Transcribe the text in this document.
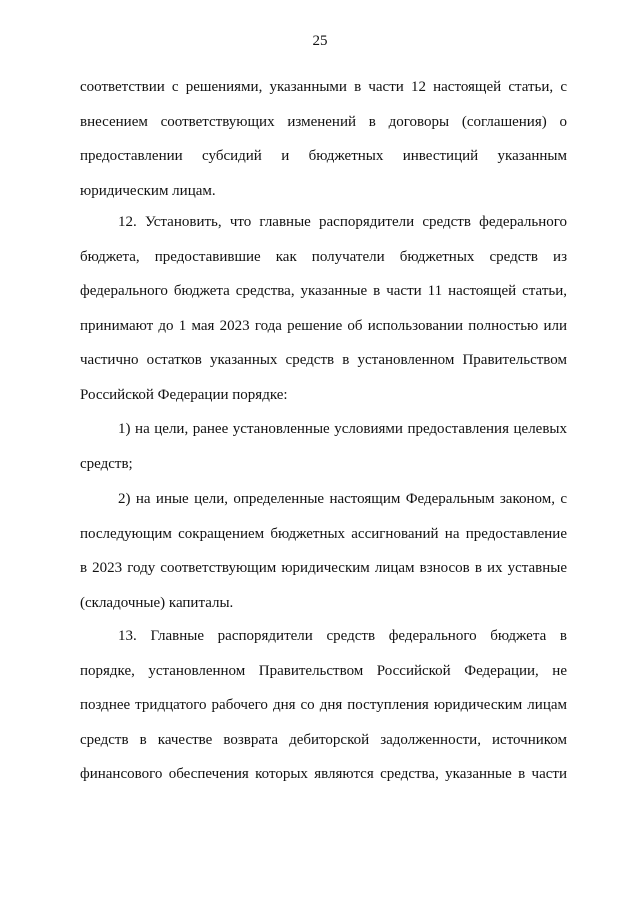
25
соответствии с решениями, указанными в части 12 настоящей статьи, с
внесением соответствующих изменений в договоры (соглашения) о
предоставлении субсидий и бюджетных инвестиций указанным
юридическим лицам.
12. Установить, что главные распорядители средств федерального
бюджета, предоставившие как получатели бюджетных средств из
федерального бюджета средства, указанные в части 11 настоящей статьи,
принимают до 1 мая 2023 года решение об использовании полностью или
частично остатков указанных средств в установленном Правительством
Российской Федерации порядке:
1) на цели, ранее установленные условиями предоставления целевых
средств;
2) на иные цели, определенные настоящим Федеральным законом, с
последующим сокращением бюджетных ассигнований на предоставление
в 2023 году соответствующим юридическим лицам взносов в их уставные
(складочные) капиталы.
13. Главные распорядители средств федерального бюджета в
порядке, установленном Правительством Российской Федерации, не
позднее тридцатого рабочего дня со дня поступления юридическим лицам
средств в качестве возврата дебиторской задолженности, источником
финансового обеспечения которых являются средства, указанные в части
